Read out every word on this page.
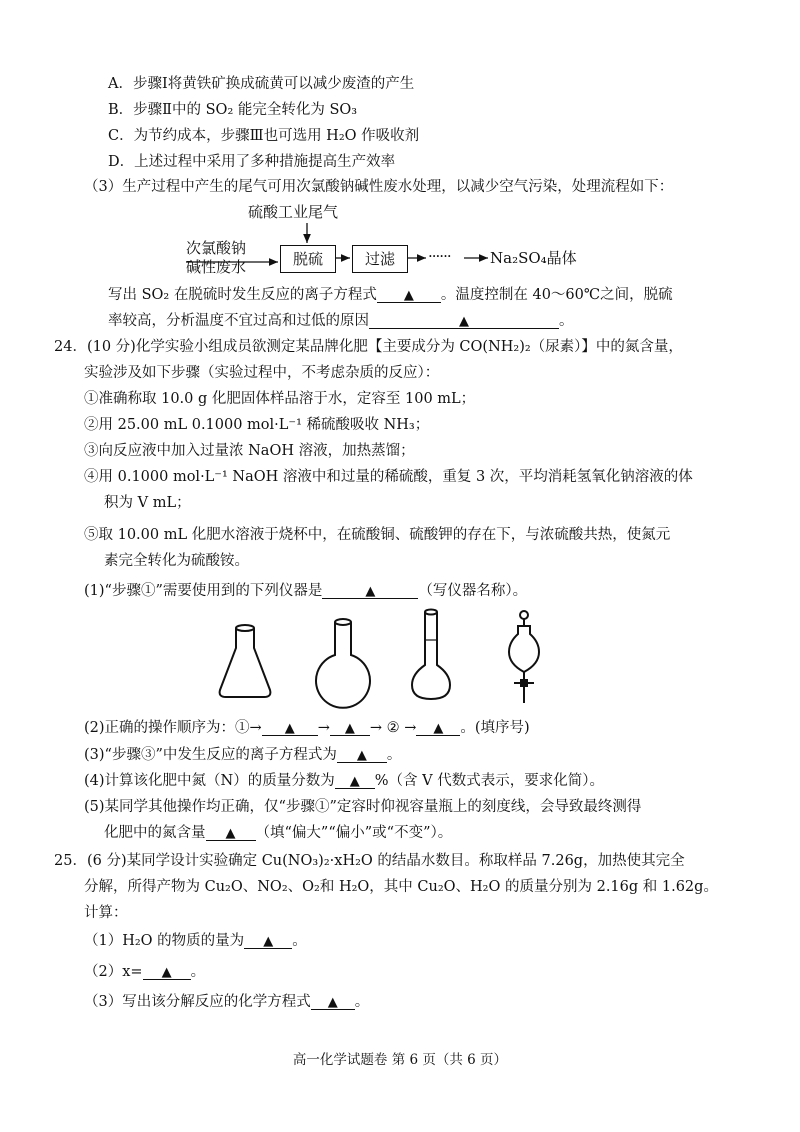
A．步骤Ⅰ将黄铁矿换成硫黄可以减少废渣的产生
B．步骤Ⅱ中的 SO₂ 能完全转化为 SO₃
C．为节约成本，步骤Ⅲ也可选用 H₂O 作吸收剂
D．上述过程中采用了多种措施提高生产效率
（3）生产过程中产生的尾气可用次氯酸钠碱性废水处理，以减少空气污染，处理流程如下：
硫酸工业尾气
次氯酸钠
碱性废水	脱硫	过滤	······	Na₂SO₄晶体
写出 SO₂ 在脱硫时发生反应的离子方程式 ▲ 。温度控制在 40～60℃之间，脱硫
率较高，分析温度不宜过高和过低的原因	▲	。
24．(10 分)化学实验小组成员欲测定某品牌化肥【主要成分为 CO(NH₂)₂（尿素）】中的氮含量，
实验涉及如下步骤（实验过程中，不考虑杂质的反应）：
①准确称取 10.0 g 化肥固体样品溶于水，定容至 100 mL；
②用 25.00 mL 0.1000 mol·L⁻¹ 稀硫酸吸收 NH₃；
③向反应液中加入过量浓 NaOH 溶液，加热蒸馏；
④用 0.1000 mol·L⁻¹ NaOH 溶液中和过量的稀硫酸，重复 3 次，平均消耗氢氧化钠溶液的体
积为 V mL；
⑤取 10.00 mL 化肥水溶液于烧杯中，在硫酸铜、硫酸钾的存在下，与浓硫酸共热，使氮元
素完全转化为硫酸铵。
(1)“步骤①”需要使用到的下列仪器是	▲	（写仪器名称）。
(2)正确的操作顺序为：①→ ▲ → ▲ → ② → ▲ 。(填序号)
(3)“步骤③”中发生反应的离子方程式为 ▲ 。
(4)计算该化肥中氮（N）的质量分数为 ▲ %（含 V 代数式表示，要求化简）。
(5)某同学其他操作均正确，仅“步骤①”定容时仰视容量瓶上的刻度线，会导致最终测得
化肥中的氮含量 ▲ （填“偏大”“偏小”或“不变”）。
25．(6 分)某同学设计实验确定 Cu(NO₃)₂·xH₂O 的结晶水数目。称取样品 7.26g，加热使其完全
分解，所得产物为 Cu₂O、NO₂、O₂和 H₂O，其中 Cu₂O、H₂O 的质量分别为 2.16g 和 1.62g。
计算：
（1）H₂O 的物质的量为 ▲ 。
（2）x= ▲ 。
（3）写出该分解反应的化学方程式 ▲ 。
高一化学试题卷 第 6 页（共 6 页）
